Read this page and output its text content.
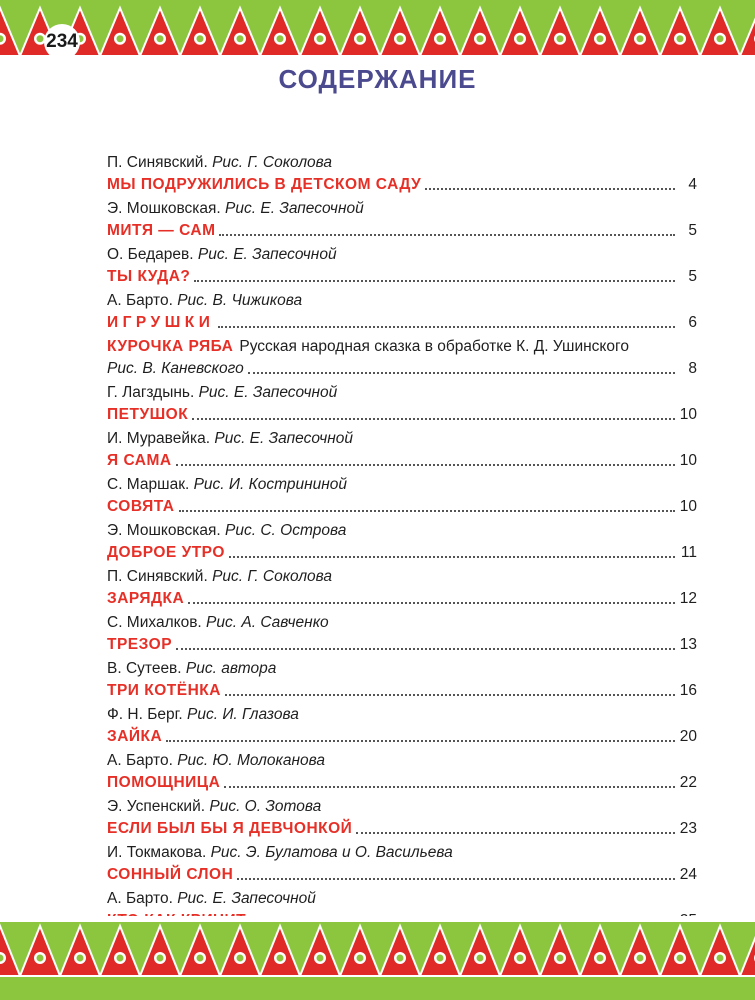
234
СОДЕРЖАНИЕ
П. Синявский. Рис. Г. Соколова
МЫ ПОДРУЖИЛИСЬ В ДЕТСКОМ САДУ	4
Э. Мошковская. Рис. Е. Запесочной
МИТЯ — САМ	5
О. Бедарев. Рис. Е. Запесочной
ТЫ КУДА?	5
А. Барто. Рис. В. Чижикова
ИГРУШКИ	6
КУРОЧКА РЯБА Русская народная сказка в обработке К. Д. Ушинского
Рис. В. Каневского	8
Г. Лагздынь. Рис. Е. Запесочной
ПЕТУШОК	10
И. Муравейка. Рис. Е. Запесочной
Я САМА	10
С. Маршак. Рис. И. Кострининой
СОВЯТА	10
Э. Мошковская. Рис. С. Острова
ДОБРОЕ УТРО	11
П. Синявский. Рис. Г. Соколова
ЗАРЯДКА	12
С. Михалков. Рис. А. Савченко
ТРЕЗОР	13
В. Сутеев. Рис. автора
ТРИ КОТЁНКА	16
Ф. Н. Берг. Рис. И. Глазова
ЗАЙКА	20
А. Барто. Рис. Ю. Молоканова
ПОМОЩНИЦА	22
Э. Успенский. Рис. О. Зотова
ЕСЛИ БЫЛ БЫ Я ДЕВЧОНКОЙ	23
И. Токмакова. Рис. Э. Булатова и О. Васильева
СОННЫЙ СЛОН	24
А. Барто. Рис. Е. Запесочной
